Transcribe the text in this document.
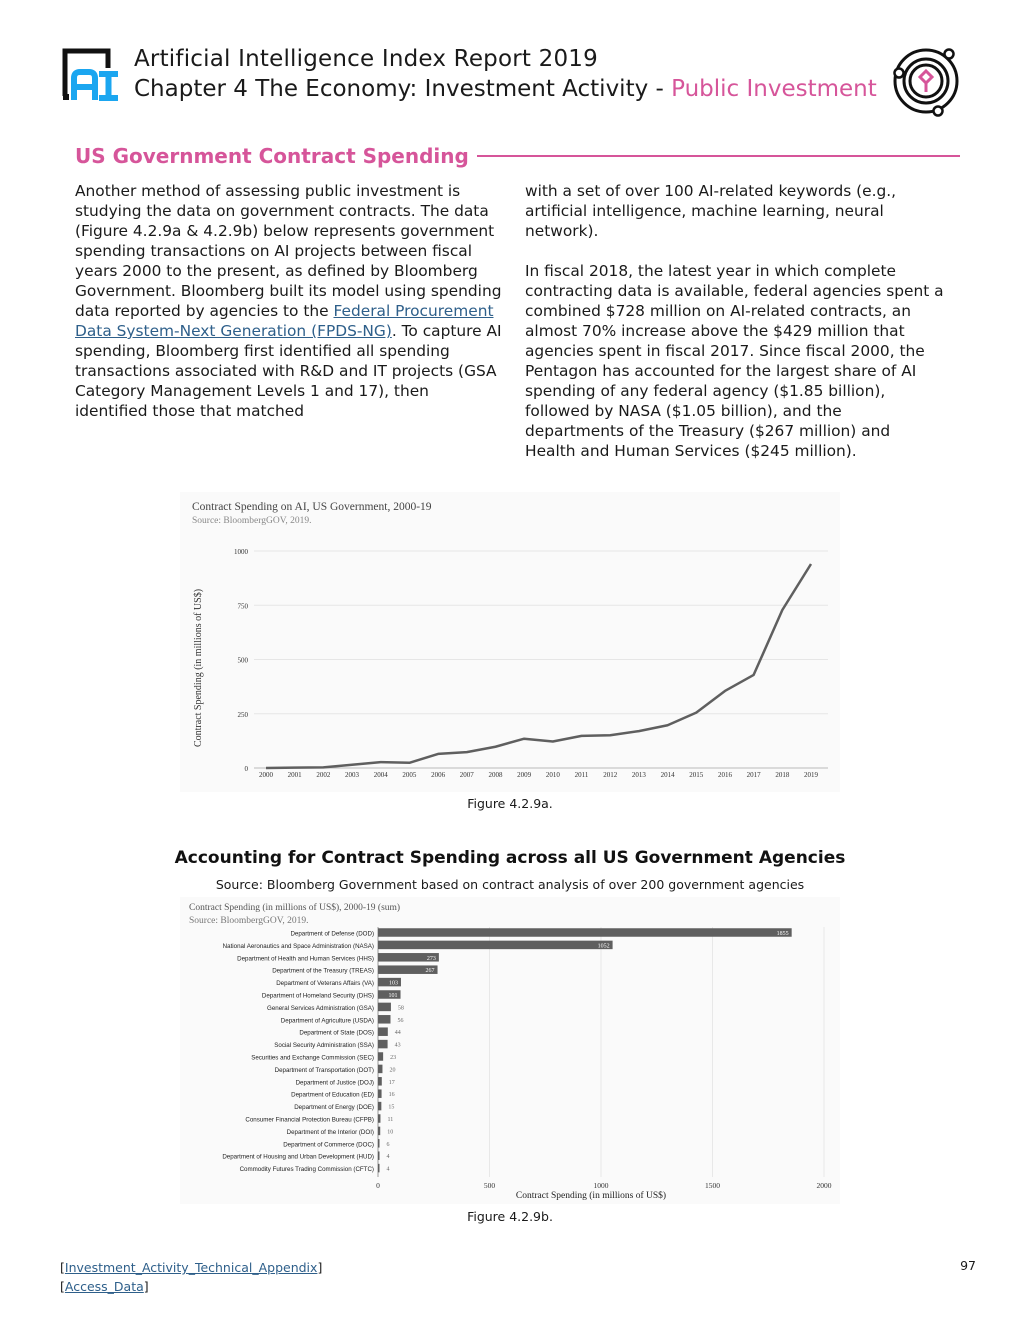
Artificial Intelligence Index Report 2019
Chapter 4 The Economy: Investment Activity - Public Investment
US Government Contract Spending

Another method of assessing public investment is studying the data on government contracts. The data (Figure 4.2.9a & 4.2.9b) below represents government spending transactions on AI projects between fiscal years 2000 to the present, as defined by Bloomberg Government. Bloomberg built its model using spending data reported by agencies to the Federal Procurement Data System-Next Generation (FPDS-NG). To capture AI spending, Bloomberg first identified all spending transactions associated with R&D and IT projects (GSA Category Management Levels 1 and 17), then identified those that matched

with a set of over 100 AI-related keywords (e.g., artificial intelligence, machine learning, neural network).

In fiscal 2018, the latest year in which complete contracting data is available, federal agencies spent a combined $728 million on AI-related contracts, an almost 70% increase above the $429 million that agencies spent in fiscal 2017. Since fiscal 2000, the Pentagon has accounted for the largest share of AI spending of any federal agency ($1.85 billion), followed by NASA ($1.05 billion), and the departments of the Treasury ($267 million) and Health and Human Services ($245 million).

Contract Spending on AI, US Government, 2000-19
Source: BloombergGOV, 2019.
0
250
500
750
1000
2000 2001 2002 2003 2004 2005 2006 2007 2008 2009 2010 2011 2012 2013 2014 2015 2016 2017 2018 2019
Contract Spending (in millions of US$)
Figure 4.2.9a.
Accounting for Contract Spending across all US Government Agencies
Source: Bloomberg Government based on contract analysis of over 200 government agencies
Contract Spending (in millions of US$), 2000-19 (sum)
Source: BloombergGOV, 2019.
0	500	1000	1500	2000
Department of Defense (DOD)	1855
National Aeronautics and Space Administration (NASA)	1052
Department of Health and Human Services (HHS)	273
Department of the Treasury (TREAS)	267
Department of Veterans Affairs (VA) 103
Department of Homeland Security (DHS) 101
General Services Administration (GSA)	58
Department of Agriculture (USDA)	56
Department of State (DOS)	44
Social Security Administration (SSA)	43
Securities and Exchange Commission (SEC)	23
Department of Transportation (DOT)	20
Department of Justice (DOJ) 17
Department of Education (ED) 16
Department of Energy (DOE) 15
Consumer Financial Protection Bureau (CFPB) 11
Department of the Interior (DOI) 10
Department of Commerce (DOC) 6
Department of Housing and Urban Development (HUD) 4
Commodity Futures Trading Commission (CFTC) 4
Contract Spending (in millions of US$)
Figure 4.2.9b.
[Investment_Activity_Technical_Appendix]
[Access_Data]
97
